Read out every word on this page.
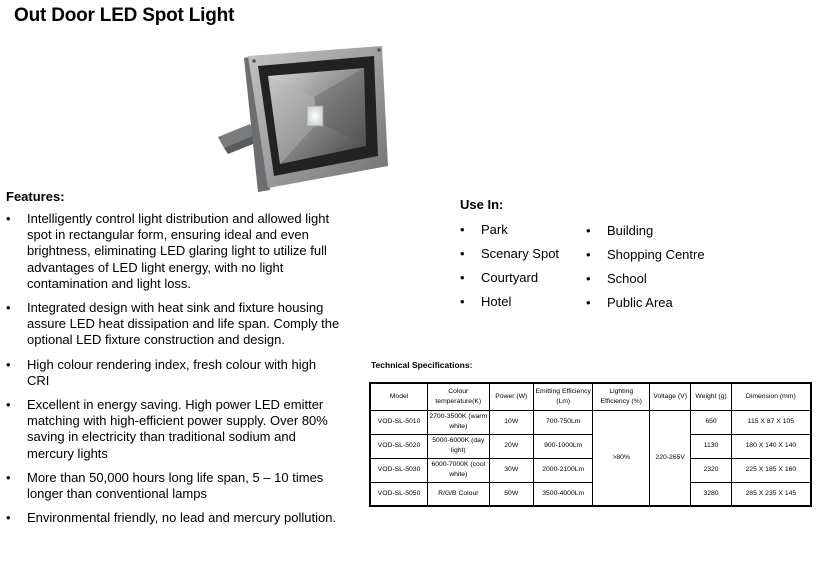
Out Door LED Spot Light
Features:
• Intelligently control light distribution and allowed light spot in rectangular form, ensuring ideal and even brightness, eliminating LED glaring light to utilize full advantages of LED light energy, with no light contamination and light loss.
• Integrated design with heat sink and fixture housing assure LED heat dissipation and life span. Comply the optional LED fixture construction and design.
• High colour rendering index, fresh colour with high CRI
• Excellent in energy saving. High power LED emitter matching with high-efficient power supply. Over 80% saving in electricity than traditional sodium and mercury lights
• More than 50,000 hours long life span, 5 – 10 times longer than conventional lamps
• Environmental friendly, no lead and mercury pollution.
Use In:
• Park
• Scenary Spot
• Courtyard
• Hotel
• Building
• Shopping Centre
• School
• Public Area
Technical Specifications:
Model	Colour temperature(K)	Power (W)	Emitting Efficiency (Lm)	Lighting Efficiency (%)	Voltage (V)	Weight (g)	Dimension (mm)
VOD-SL-5010	2700-3500K (warm white)	10W	700-750Lm	>80%	220-265V	650	115 X 87 X 105
VOD-SL-5020	5000-6000K (day light)	20W	900-1000Lm			1130	180 X 140 X 140
VOD-SL-5030	6000-7000K (cool white)	30W	2000-2100Lm			2320	225 X 185 X 160
VOD-SL-5050	R/G/B Colour	50W	3500-4000Lm			3280	285 X 235 X 145
